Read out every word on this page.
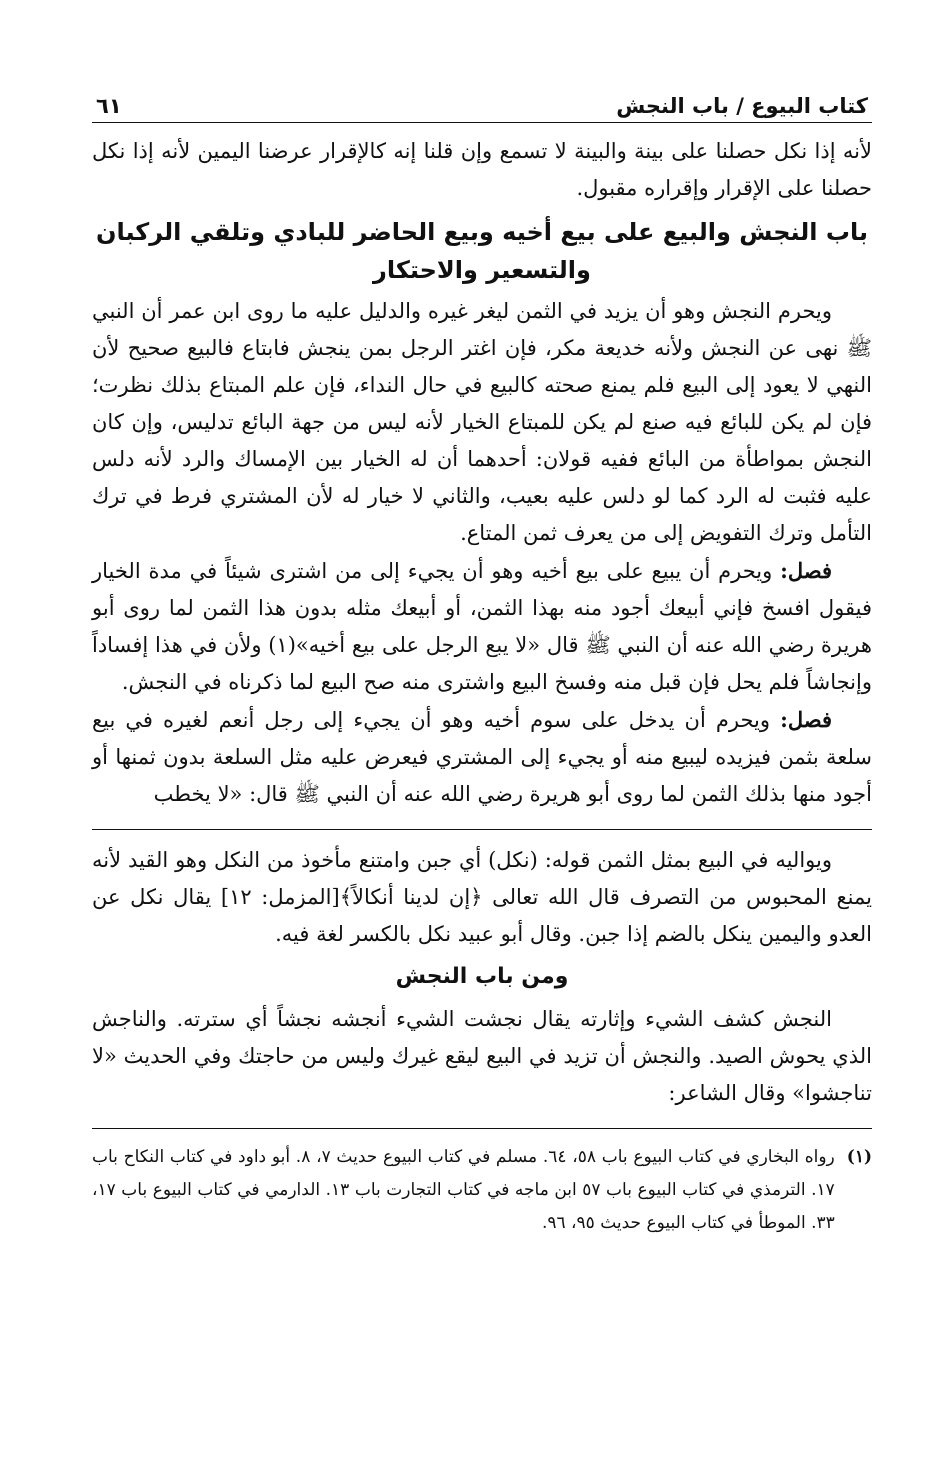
كتاب البيوع / باب النجش
٦١

لأنه إذا نكل حصلنا على بينة والبينة لا تسمع وإن قلنا إنه كالإقرار عرضنا اليمين لأنه إذا نكل حصلنا على الإقرار وإقراره مقبول.

باب النجش والبيع على بيع أخيه وبيع الحاضر للبادي وتلقي الركبان
والتسعير والاحتكار

ويحرم النجش وهو أن يزيد في الثمن ليغر غيره والدليل عليه ما روى ابن عمر أن النبي ﷺ نهى عن النجش ولأنه خديعة مكر، فإن اغتر الرجل بمن ينجش فابتاع فالبيع صحيح لأن النهي لا يعود إلى البيع فلم يمنع صحته كالبيع في حال النداء، فإن علم المبتاع بذلك نظرت؛ فإن لم يكن للبائع فيه صنع لم يكن للمبتاع الخيار لأنه ليس من جهة البائع تدليس، وإن كان النجش بمواطأة من البائع ففيه قولان: أحدهما أن له الخيار بين الإمساك والرد لأنه دلس عليه فثبت له الرد كما لو دلس عليه بعيب، والثاني لا خيار له لأن المشتري فرط في ترك التأمل وترك التفويض إلى من يعرف ثمن المتاع.

فصل: ويحرم أن يبيع على بيع أخيه وهو أن يجيء إلى من اشترى شيئاً في مدة الخيار فيقول افسخ فإني أبيعك أجود منه بهذا الثمن، أو أبيعك مثله بدون هذا الثمن لما روى أبو هريرة رضي الله عنه أن النبي ﷺ قال «لا يبع الرجل على بيع أخيه»(١) ولأن في هذا إفساداً وإنجاشاً فلم يحل فإن قبل منه وفسخ البيع واشترى منه صح البيع لما ذكرناه في النجش.

فصل: ويحرم أن يدخل على سوم أخيه وهو أن يجيء إلى رجل أنعم لغيره في بيع سلعة بثمن فيزيده ليبيع منه أو يجيء إلى المشتري فيعرض عليه مثل السلعة بدون ثمنها أو أجود منها بذلك الثمن لما روى أبو هريرة رضي الله عنه أن النبي ﷺ قال: «لا يخطب

ويواليه في البيع بمثل الثمن قوله: (نكل) أي جبن وامتنع مأخوذ من النكل وهو القيد لأنه يمنع المحبوس من التصرف قال الله تعالى ﴿إن لدينا أنكالاً﴾[المزمل: ١٢] يقال نكل عن العدو واليمين ينكل بالضم إذا جبن. وقال أبو عبيد نكل بالكسر لغة فيه.

ومن باب النجش

النجش كشف الشيء وإثارته يقال نجشت الشيء أنجشه نجشاً أي سترته. والناجش الذي يحوش الصيد. والنجش أن تزيد في البيع ليقع غيرك وليس من حاجتك وفي الحديث «لا تناجشوا» وقال الشاعر:

(١)
رواه البخاري في كتاب البيوع باب ٥٨، ٦٤. مسلم في كتاب البيوع حديث ٧، ٨. أبو داود في كتاب النكاح باب ١٧. الترمذي في كتاب البيوع باب ٥٧ ابن ماجه في كتاب التجارت باب ١٣. الدارمي في كتاب البيوع باب ١٧، ٣٣. الموطأ في كتاب البيوع حديث ٩٥، ٩٦.
